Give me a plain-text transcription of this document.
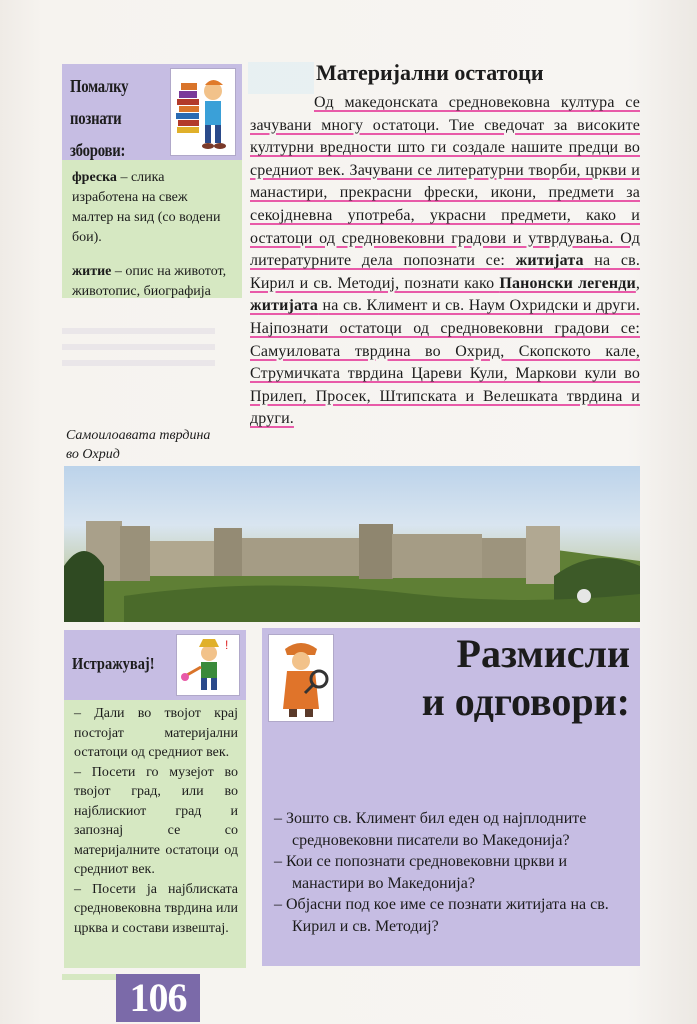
Помалку познати зборови:

фреска – слика изработена на свеж малтер на ѕид (со водени бои).

житие – опис на животот, животопис, биографија

Материјални остатоци
Од македонската средновековна култура се зачувани многу остатоци. Тие сведочат за високите културни вредности што ги создале нашите предци во средниот век. Зачувани се литературни творби, цркви и манастири, прекрасни фрески, икони, предмети за секојдневна употреба, украсни предмети, како и остатоци од средновековни градови и утврдувања. Од литературните дела попознати се: житијата на св. Кирил и св. Методиј, познати како Панонски легенди, житијата на св. Климент и св. Наум Охридски и други. Најпознати остатоци од средновековни градови се: Самуиловата тврдина во Охрид, Скопското кале, Струмичката тврдина Цареви Кули, Маркови кули во Прилеп, Просек, Штипската и Велешката тврдина и други.
Самоилоaвата тврдина
во Охрид
Истражувај!
!

– Дали во твојот крај постојат материјални остатоци од средниот век.

– Посети го музејот во твојот град, или во најблискиот град и запознај се со материјалните остатоци од средниот век.

– Посети ја најблиската средновековна тврдина или црква и состави извештај.

Размисли
и одговори:

– Зошто св. Климент бил еден од најплодните средновековни писатели во Македонија?

– Кои се попознати средновековни цркви и манастири во Македонија?

– Објасни под кое име се познати житијата на св. Кирил и св. Методиј?

106
